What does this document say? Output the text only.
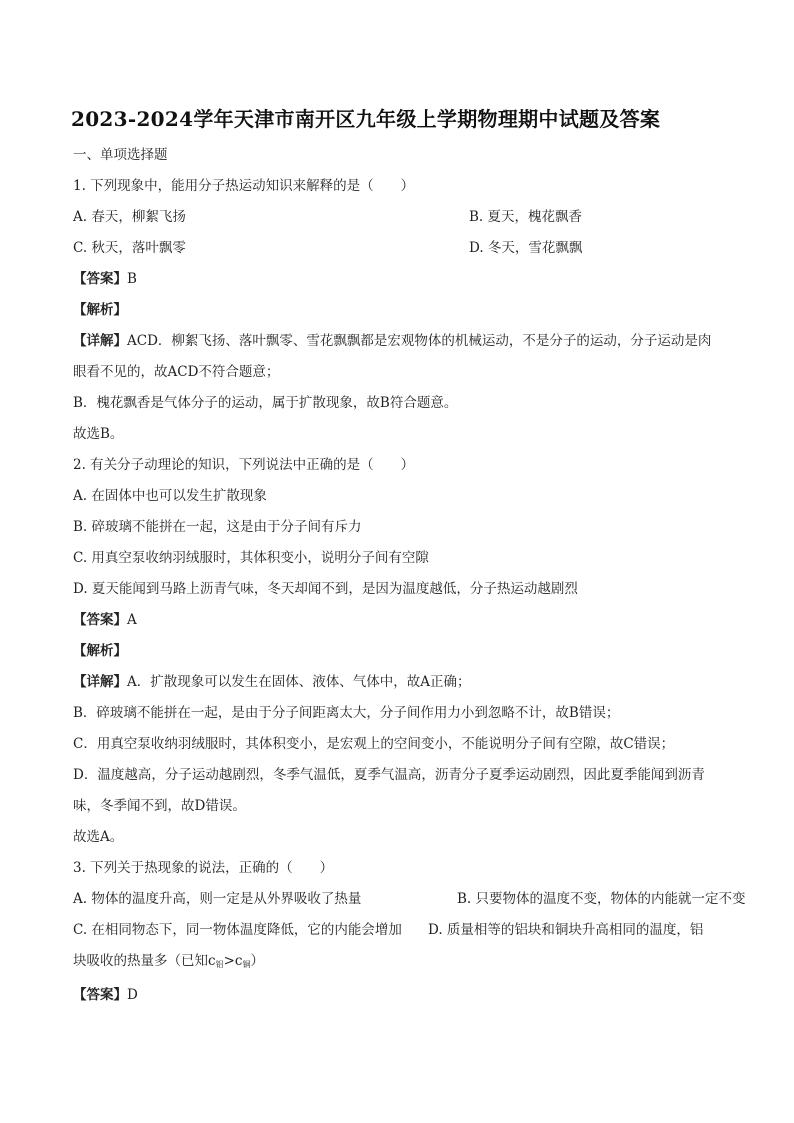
2023-2024学年天津市南开区九年级上学期物理期中试题及答案
一、单项选择题
1. 下列现象中，能用分子热运动知识来解释的是（　　）
A. 春天，柳絮飞扬	B. 夏天，槐花飘香
C. 秋天，落叶飘零	D. 冬天，雪花飘飘
【答案】B
【解析】
【详解】ACD．柳絮飞扬、落叶飘零、雪花飘飘都是宏观物体的机械运动，不是分子的运动，分子运动是肉
眼看不见的，故ACD不符合题意；
B．槐花飘香是气体分子的运动，属于扩散现象，故B符合题意。
故选B。
2. 有关分子动理论的知识，下列说法中正确的是（　　）
A. 在固体中也可以发生扩散现象
B. 碎玻璃不能拼在一起，这是由于分子间有斥力
C. 用真空泵收纳羽绒服时，其体积变小，说明分子间有空隙
D. 夏天能闻到马路上沥青气味，冬天却闻不到，是因为温度越低，分子热运动越剧烈
【答案】A
【解析】
【详解】A．扩散现象可以发生在固体、液体、气体中，故A正确；
B．碎玻璃不能拼在一起，是由于分子间距离太大，分子间作用力小到忽略不计，故B错误；
C．用真空泵收纳羽绒服时，其体积变小，是宏观上的空间变小，不能说明分子间有空隙，故C错误；
D．温度越高，分子运动越剧烈，冬季气温低，夏季气温高，沥青分子夏季运动剧烈，因此夏季能闻到沥青
味，冬季闻不到，故D错误。
故选A。
3. 下列关于热现象的说法，正确的（　　）
A. 物体的温度升高，则一定是从外界吸收了热量	B. 只要物体的温度不变，物体的内能就一定不变
C. 在相同物态下，同一物体温度降低，它的内能会增加 D. 质量相等的铝块和铜块升高相同的温度，铝
块吸收的热量多（已知$c_铝>c_铜$）
【答案】D
